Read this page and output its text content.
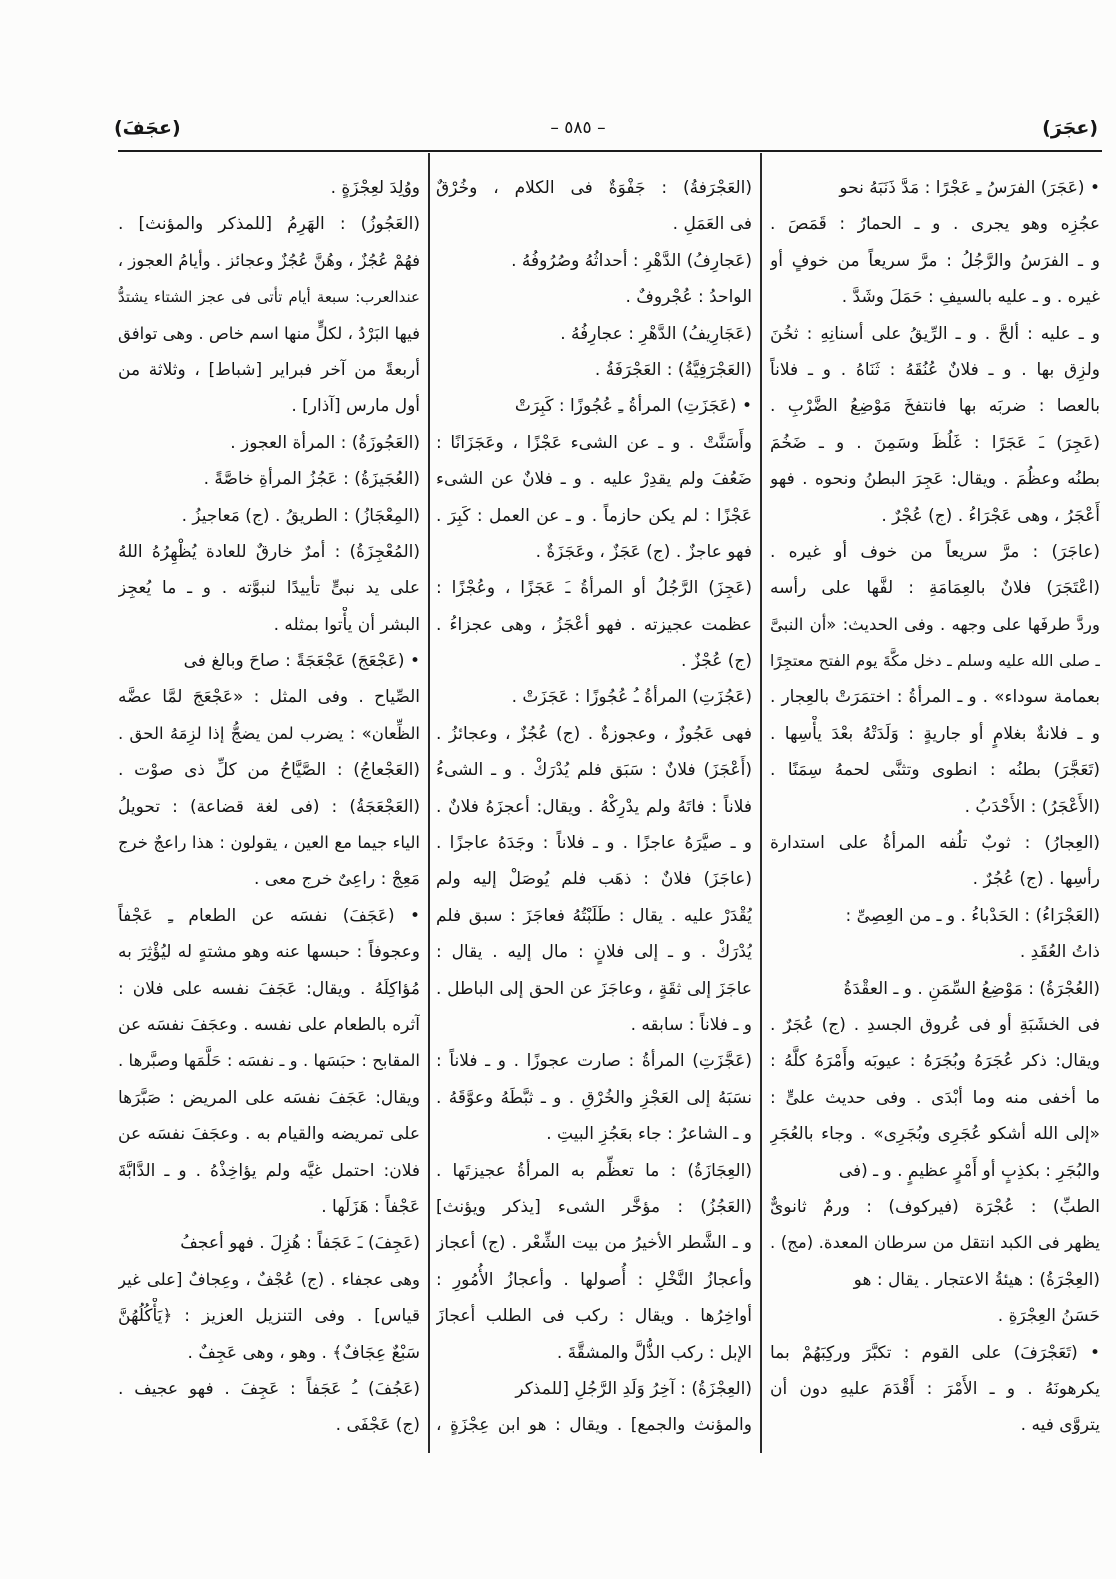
(عجَرَ)
– ٥٨٥ –
(عجَفَ)
• (عَجَرَ) الفرَسُ ـِ عَجْرًا : مَدَّ ذَنَبَهُ نحو
عجُزِه وهو يجرى . و ـ الحمارُ : قَمَصَ .
و ـ الفرَسُ والرَّجُلُ : مرَّ سريعاً من خوفٍ أو
غيره . و ـ عليه بالسيفِ : حَمَلَ وشَدَّ .
و ـ عليه : ألحَّ . و ـ الرِّيقُ على أسنانِهِ : ثخُنَ
ولزِق بها . و ـ فلانٌ عُنُقَهُ : ثَنَاهُ . و ـ فلاناً
بالعصا : ضربَه بها فانتفخَ مَوْضِعُ الضَّرْبِ .
(عَجِرَ) ـَ عَجَرًا : غَلُظَ وسَمِنَ . و ـ ضَخُمَ
بطنُه وعظُمَ . ويقال: عَجِرَ البطنُ ونحوه . فهو
أَعْجَرُ ، وهى عَجْرَاءُ . (ج) عُجْرٌ .
(عاجَرَ) : مرَّ سريعاً من خوف أو غيره .
(اعْتَجَرَ) فلانٌ بالعِمَامَةِ : لفَّها على رأسه
وردَّ طرفَها على وجهه . وفى الحديث: «أن النبىَّ
ـ صلى الله عليه وسلم ـ دخل مكَّةَ يوم الفتح معتجِرًا
بعمامة سوداء» . و ـ المرأةُ : اختمَرَتْ بالعِجار .
و ـ فلانةٌ بغلامٍ أو جاريةٍ : وَلَدَتْهُ بعْدَ يأْسِها .
(تَعَجَّرَ) بطنُه : انطوى وتثنَّى لحمهُ سِمَنًا .
(الأَعْجَرُ) : الأَحْدَبُ .
(العِجارُ) : ثوبٌ تلُفه المرأةُ على استدارة
رأسِها . (ج) عُجُرٌ .
(العَجْرَاءُ) : الحَدْباءُ . و ـ من العِصِىِّ :
ذاتُ العُقَدِ .
(العُجْرَةُ) : مَوْضِعُ السِّمَنِ . و ـ العقْدَةُ
فى الخشَبَةِ أو فى عُروق الجسدِ . (ج) عُجَرٌ .
ويقال: ذكر عُجَرَهُ وبُجَرَهُ : عيوبَه وأَمْرَهُ كلَّهُ :
ما أخفى منه وما أبْدَى . وفى حديث علىٍّ :
«إلى الله أشكو عُجَرِى وبُجَرِى» . وجاء بالعُجَرِ
والبُجَرِ : بكذِبٍ أو أَمْرٍ عظيمٍ . و ـ (فى
الطبِّ) : عُجْرَة (فيركوف) : ورمٌ ثانوىٌّ
يظهر فى الكبد انتقل من سرطان المعدة. (مج) .
(العِجْرَةُ) : هيئةُ الاعتجار . يقال : هو
حَسَنُ العِجْرَةِ .
• (تَعَجْرَفَ) على القوم : تكبَّرَ وركِبَهُمْ بما
يكرهونَهُ . و ـ الأَمْرَ : أَقْدَمَ عليهِ دون أن
يتروَّى فيه .
(العَجْرَفةُ) : جَفْوَةٌ فى الكلام ، وخُرْقٌ
فى العَمَلِ .
(عَجارِفُ) الدَّهْرِ : أحداثُهُ وصُرُوفُهُ .
الواحدُ : عُجْروفٌ .
(عَجَارِيفُ) الدَّهْرِ : عجارِفُهُ .
(العَجْرَفِيَّةُ) : العَجْرَفَةُ .
• (عَجَزَتِ) المرأةُ ـِ عُجُوزًا : كَبِرَتْ
وأَسَنَّتْ . و ـ عن الشىء عَجْزًا ، وعَجَزَانًا :
ضَعُفَ ولم يقدِرْ عليه . و ـ فلانٌ عن الشىء
عَجْزًا : لم يكن حازماً . و ـ عن العمل : كَبِرَ .
فهو عاجزٌ . (ج) عَجَزٌ ، وعَجَزَةٌ .
(عَجِزَ) الرَّجُلُ أو المرأةُ ـَ عَجَزًا ، وعُجْزًا :
عظمت عجيزته . فهو أعْجَزُ ، وهى عجزاءُ .
(ج) عُجْزٌ .
(عَجُزَتِ) المرأةُ ـُ عُجُوزًا : عَجَزَتْ .
فهى عَجُوزٌ ، وعجوزةٌ . (ج) عُجُزٌ ، وعجائزُ .
(أَعْجَزَ) فلانٌ : سَبَق فلم يُدْرَكْ . و ـ الشىءُ
فلاناً : فاتَهُ ولم يدْرِكْهُ . ويقال: أعجزَهُ فلانٌ .
و ـ صيَّرَهُ عاجزًا . و ـ فلاناً : وجَدَهُ عاجزًا .
(عاجَزَ) فلانٌ : ذهَب فلم يُوصَلْ إليه ولم
يُقْدَرْ عليه . يقال : طَلَبْتُهُ فعاجَزَ : سبق فلم
يُدْرَكْ . و ـ إلى فلانٍ : مال إليه . يقال :
عاجَزَ إلى ثقَةٍ ، وعاجَزَ عن الحق إلى الباطل .
و ـ فلاناً : سابقه .
(عَجَّزَتِ) المرأةُ : صارت عجوزًا . و ـ فلاناً :
نسَبَهُ إلى العَجْزِ والخُرْقِ . و ـ ثبَّطَهُ وعوَّقَهُ .
و ـ الشاعرُ : جاء بعَجُزِ البيتِ .
(العِجَازَةُ) : ما تعظِّم به المرأةُ عجيزتَها .
(العَجُزُ) : مؤخَّر الشىء [يذكر ويؤنث]
و ـ الشَّطر الأخيرُ من بيت الشِّعْر . (ج) أعجاز
وأعجازُ النَّخْلِ : أُصولها . وأعجازُ الأُمُورِ :
أواخِرُها . ويقال : ركب فى الطلب أعجازَ
الإبل : ركب الذُّلَّ والمشقَّةَ .
(العِجْزَةُ) : آخِرُ وَلَدِ الرَّجُلِ [للمذكر
والمؤنث والجمع] . ويقال : هو ابن عِجْزَةٍ ،
ووُلِدَ لعِجْزَةٍ .
(العَجُوزُ) : الهَرِمُ [للمذكر والمؤنث] .
فهُمْ عُجُزٌ ، وهُنَّ عُجُزٌ وعجائز . وأيامُ العجوز ،
عندالعرب: سبعة أيام تأتى فى عجز الشتاء يشتدُّ
فيها البَرْدُ ، لكلٍّ منها اسم خاص . وهى توافق
أربعةً من آخر فبراير [شباط] ، وثلاثة من
أول مارس [آذار] .
(العَجُوزَةُ) : المرأة العجوز .
(العُجَيزَةُ) : عَجُزُ المرأةِ خاصَّةً .
(المِعْجَازُ) : الطريقُ . (ج) مَعاجيزُ .
(المُعْجِزَةُ) : أمرٌ خارقٌ للعادة يُظْهِرُهُ اللهُ
على يد نبىٍّ تأييدًا لنبوَّته . و ـ ما يُعجِز
البشر أن يأْتوا بمثله .
• (عَجْعَجَ) عَجْعَجَةً : صاحَ وبالغ فى
الصِّياح . وفى المثل : «عَجْعَجَ لمَّا عضَّه
الظِّعان» : يضرب لمن يضجُّ إذا لزِمَهُ الحق .
(العَجْعاجُ) : الصَّيَّاحُ من كلِّ ذى صوْت .
(العَجْعَجَةُ) : (فى لغة قضاعة) : تحويلُ
الياء جيما مع العين ، يقولون : هذا راعجٌ خرج
مَعِجْ : راعِىٌ خرج معى .
• (عَجَفَ) نفسَه عن الطعام ـِ عَجْفاً
وعجوفاً : حبسها عنه وهو مشتهٍ له ليُؤْثِرَ به
مُؤاكِلَهُ . ويقال: عَجَفَ نفسه على فلان :
آثره بالطعام على نفسه . وعجَفَ نفسَه عن
المقابح : حبَسَها . و ـ نفسَه : حَلَّمَها وصبَّرها .
ويقال: عَجَفَ نفسَه على المريض : صَبَّرَها
على تمريضه والقيام به . وعجَفَ نفسَه عن
فلان: احتمل غيَّه ولم يؤاخِذْهُ . و ـ الدَّابَّةَ
عَجْفاً : هَزَلَها .
(عَجِفَ) ـَ عَجَفاً : هُزِلَ . فهو أعجفُ
وهى عجفاء . (ج) عُجْفٌ ، وعِجافٌ [على غير
قياس] . وفى التنزيل العزيز : ﴿يَأْكُلُهُنَّ
سَبْعٌ عِجَافٌ﴾ . وهو ، وهى عَجِفٌ .
(عَجُفَ) ـُ عَجَفاً : عَجِفَ . فهو عجيف .
(ج) عَجْفَى .
